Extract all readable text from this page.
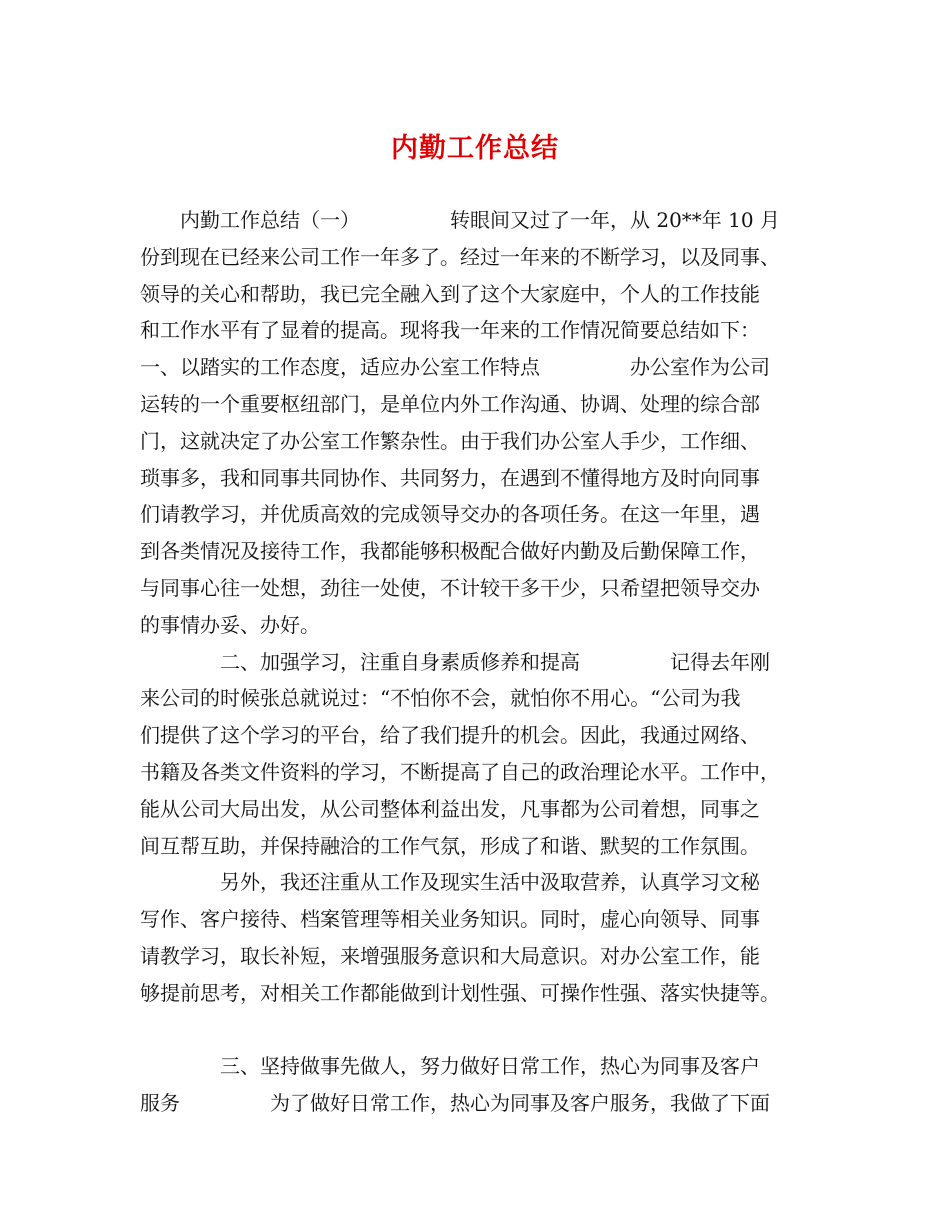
内勤工作总结
内勤工作总结（一）	转眼间又过了一年，从 20**年 10 月
份到现在已经来公司工作一年多了。经过一年来的不断学习，以及同事、
领导的关心和帮助，我已完全融入到了这个大家庭中，个人的工作技能
和工作水平有了显着的提高。现将我一年来的工作情况简要总结如下：
一、以踏实的工作态度，适应办公室工作特点	办公室作为公司
运转的一个重要枢纽部门，是单位内外工作沟通、协调、处理的综合部
门，这就决定了办公室工作繁杂性。由于我们办公室人手少，工作细、
琐事多，我和同事共同协作、共同努力，在遇到不懂得地方及时向同事
们请教学习，并优质高效的完成领导交办的各项任务。在这一年里，遇
到各类情况及接待工作，我都能够积极配合做好内勤及后勤保障工作，
与同事心往一处想，劲往一处使，不计较干多干少，只希望把领导交办
的事情办妥、办好。
二、加强学习，注重自身素质修养和提高	记得去年刚
来公司的时候张总就说过：“不怕你不会，就怕你不用心。“公司为我
们提供了这个学习的平台，给了我们提升的机会。因此，我通过网络、
书籍及各类文件资料的学习，不断提高了自己的政治理论水平。工作中，
能从公司大局出发，从公司整体利益出发，凡事都为公司着想，同事之
间互帮互助，并保持融洽的工作气氛，形成了和谐、默契的工作氛围。
另外，我还注重从工作及现实生活中汲取营养，认真学习文秘
写作、客户接待、档案管理等相关业务知识。同时，虚心向领导、同事
请教学习，取长补短，来增强服务意识和大局意识。对办公室工作，能
够提前思考，对相关工作都能做到计划性强、可操作性强、落实快捷等。
三、坚持做事先做人，努力做好日常工作，热心为同事及客户
服务	为了做好日常工作，热心为同事及客户服务，我做了下面
